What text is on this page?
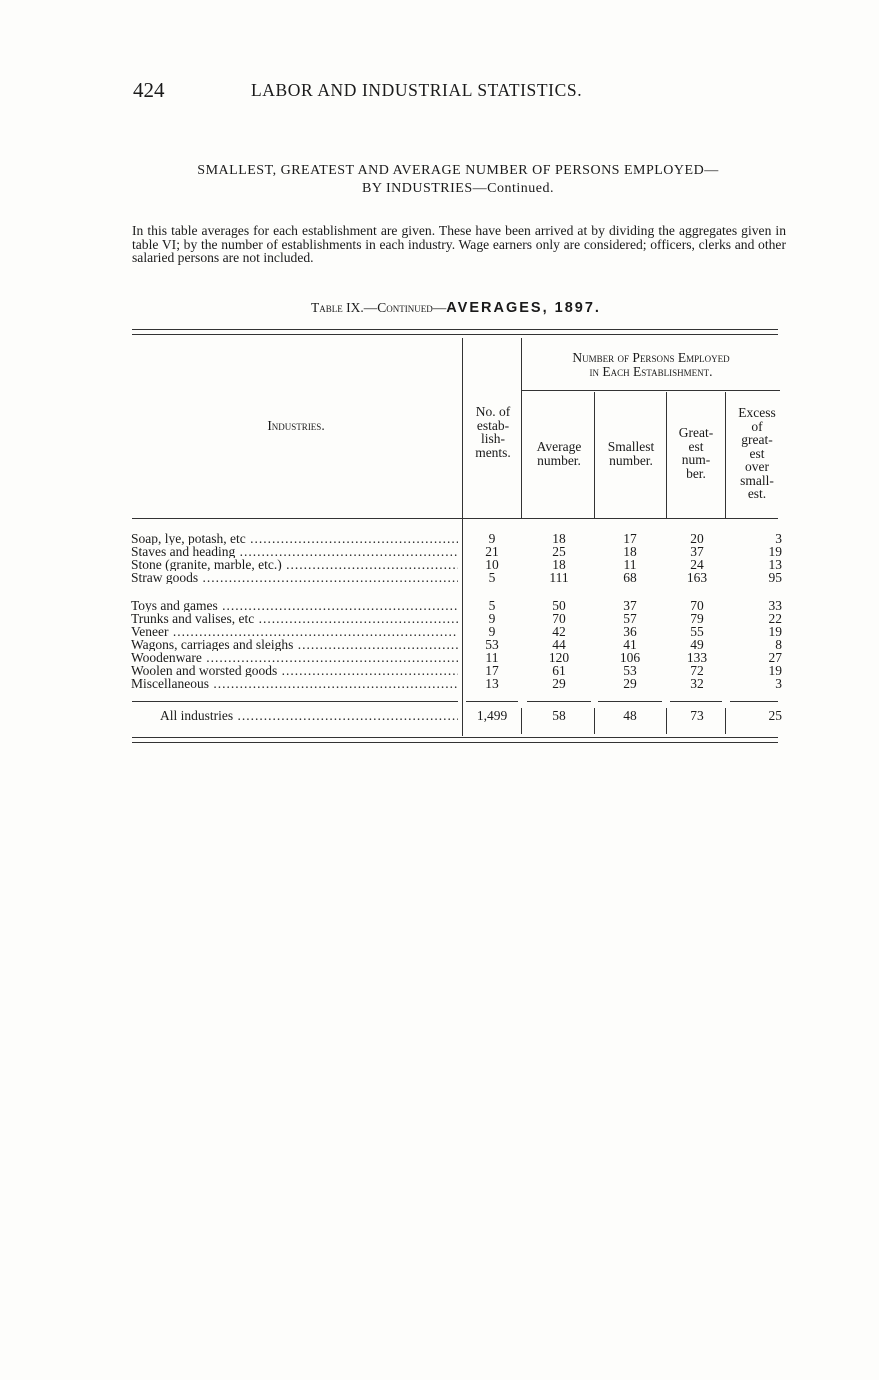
424	LABOR AND INDUSTRIAL STATISTICS.
SMALLEST, GREATEST AND AVERAGE NUMBER OF PERSONS EMPLOYED—
BY INDUSTRIES—Continued.
In this table averages for each establishment are given. These have been arrived at by dividing the aggregates given in table VI; by the number of establishments in each industry. Wage earners only are considered; officers, clerks and other salaried persons are not included.
Table IX.—Continued—AVERAGES, 1897.
Industries.
No. of
estab-
lish-
ments.
Number of Persons Employed
in Each Establishment.
Average
number.
Smallest
number.
Great-
est
num-
ber.
Excess
of
great-
est
over
small-
est.
Soap, lye, potash, etc .....	9	18	17	20	3
Staves and heading .....	21	25	18	37	19
Stone (granite, marble, etc.) .....	10	18	11	24	13
Straw goods .....	5	111	68	163	95
Toys and games .....	5	50	37	70	33
Trunks and valises, etc .....	9	70	57	79	22
Veneer .....	9	42	36	55	19
Wagons, carriages and sleighs .....	53	44	41	49	8
Woodenware .....	11	120	106	133	27
Woolen and worsted goods .....	17	61	53	72	19
Miscellaneous .....	13	29	29	32	3
All industries .....	1,499	58	48	73	25
